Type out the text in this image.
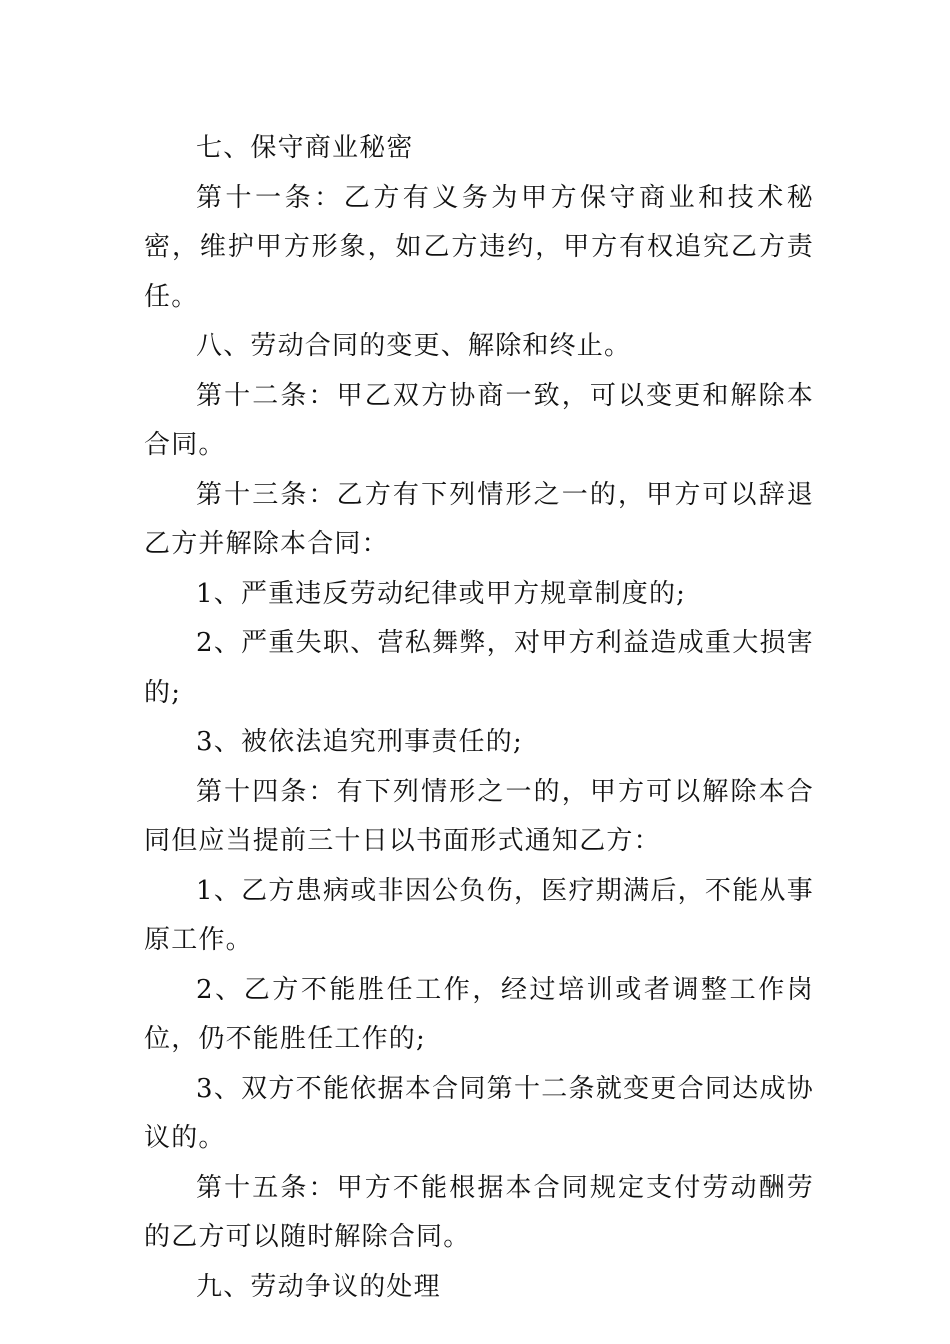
七、保守商业秘密

第十一条：乙方有义务为甲方保守商业和技术秘密，维护甲方形象，如乙方违约，甲方有权追究乙方责任。

八、劳动合同的变更、解除和终止。

第十二条：甲乙双方协商一致，可以变更和解除本合同。

第十三条：乙方有下列情形之一的，甲方可以辞退乙方并解除本合同：

1、严重违反劳动纪律或甲方规章制度的;

2、严重失职、营私舞弊，对甲方利益造成重大损害的;

3、被依法追究刑事责任的;

第十四条：有下列情形之一的，甲方可以解除本合同但应当提前三十日以书面形式通知乙方：

1、乙方患病或非因公负伤，医疗期满后，不能从事原工作。

2、乙方不能胜任工作，经过培训或者调整工作岗位，仍不能胜任工作的;

3、双方不能依据本合同第十二条就变更合同达成协议的。

第十五条：甲方不能根据本合同规定支付劳动酬劳的乙方可以随时解除合同。

九、劳动争议的处理
